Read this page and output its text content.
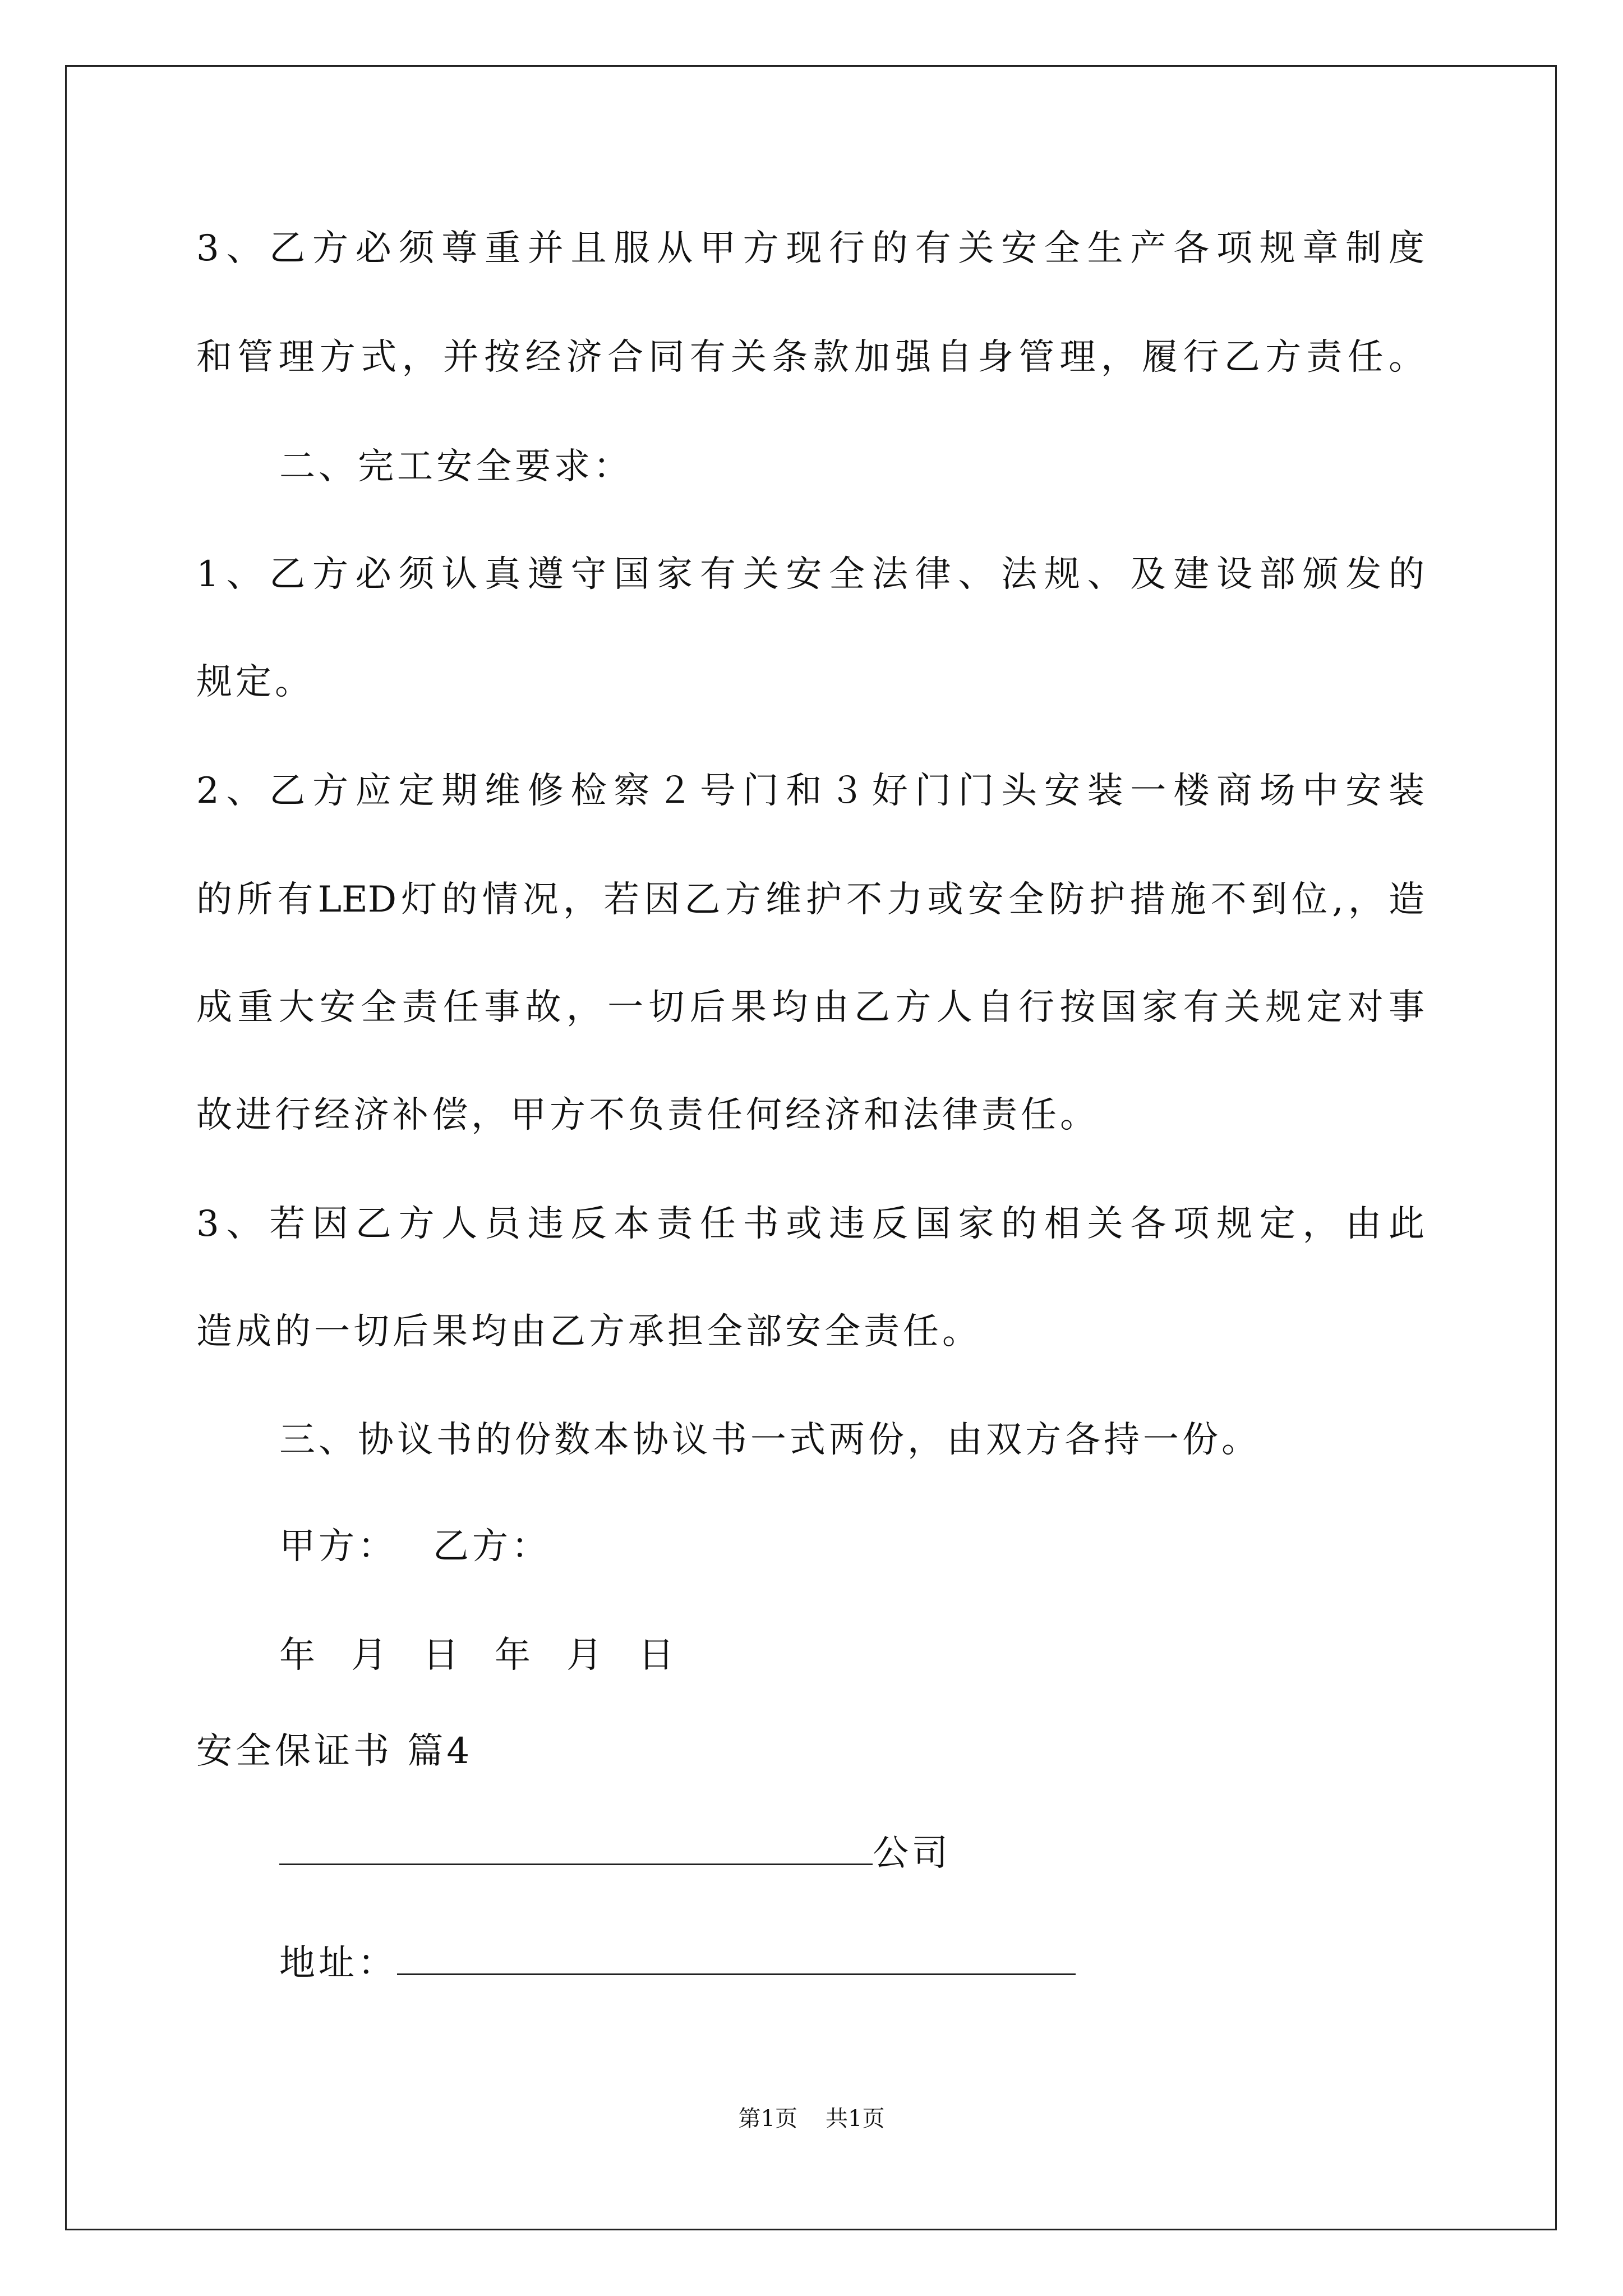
3、乙方必须尊重并且服从甲方现行的有关安全生产各项规章制度

和管理方式，并按经济合同有关条款加强自身管理，履行乙方责任。

二、完工安全要求：

1、乙方必须认真遵守国家有关安全法律、法规、及建设部颁发的

规定。

2、乙方应定期维修检察２号门和３好门门头安装一楼商场中安装

的所有LED灯的情况，若因乙方维护不力或安全防护措施不到位,，造

成重大安全责任事故，一切后果均由乙方人自行按国家有关规定对事

故进行经济补偿，甲方不负责任何经济和法律责任。

3、若因乙方人员违反本责任书或违反国家的相关各项规定，由此

造成的一切后果均由乙方承担全部安全责任。

三、协议书的份数本协议书一式两份，由双方各持一份。

甲方： 乙方：
年 月 日 年 月 日

安全保证书 篇4

公司
地址：
第1页 共1页
